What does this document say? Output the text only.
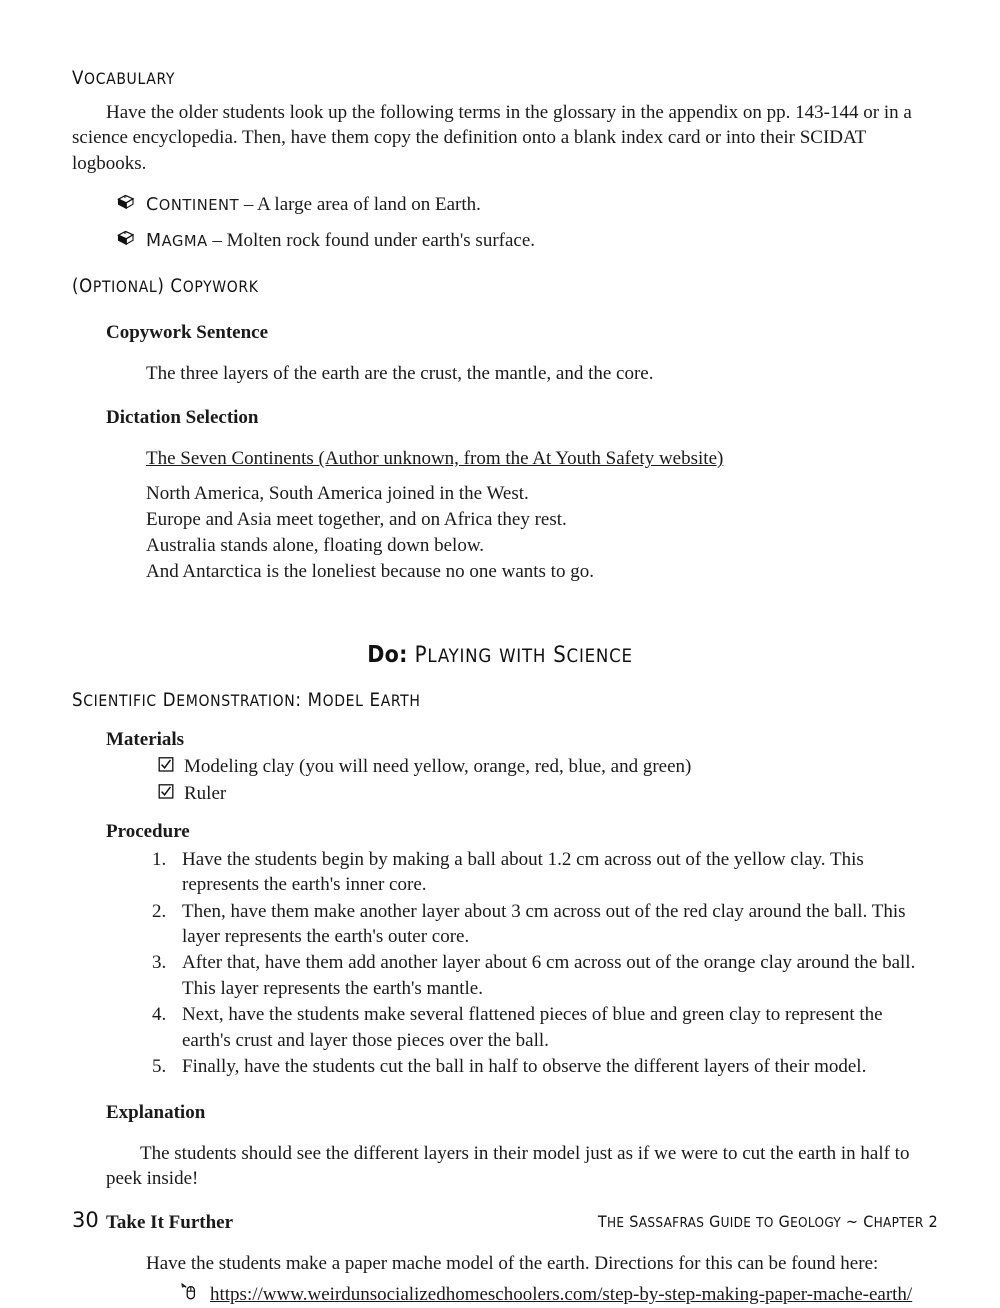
VOCABULARY

Have the older students look up the following terms in the glossary in the appendix on pp. 143-144 or in a science encyclopedia. Then, have them copy the definition onto a blank index card or into their SCIDAT logbooks.

CONTINENT – A large area of land on Earth.
MAGMA – Molten rock found under earth's surface.
(OPTIONAL) COPYWORK
Copywork Sentence

The three layers of the earth are the crust, the mantle, and the core.

Dictation Selection

The Seven Continents (Author unknown, from the At Youth Safety website)

North America, South America joined in the West.

Europe and Asia meet together, and on Africa they rest.

Australia stands alone, floating down below.

And Antarctica is the loneliest because no one wants to go.

Do: PLAYING WITH SCIENCE
SCIENTIFIC DEMONSTRATION: MODEL EARTH
Materials
Modeling clay (you will need yellow, orange, red, blue, and green)
Ruler
Procedure
Have the students begin by making a ball about 1.2 cm across out of the yellow clay. This represents the earth's inner core.
Then, have them make another layer about 3 cm across out of the red clay around the ball. This layer represents the earth's outer core.
After that, have them add another layer about 6 cm across out of the orange clay around the ball. This layer represents the earth's mantle.
Next, have the students make several flattened pieces of blue and green clay to represent the earth's crust and layer those pieces over the ball.
Finally, have the students cut the ball in half to observe the different layers of their model.
Explanation

The students should see the different layers in their model just as if we were to cut the earth in half to peek inside!

Take It Further

Have the students make a paper mache model of the earth. Directions for this can be found here:

https://www.weirdunsocializedhomeschoolers.com/step-by-step-making-paper-mache-earth/
30	THE SASSAFRAS GUIDE TO GEOLOGY ~ CHAPTER 2
